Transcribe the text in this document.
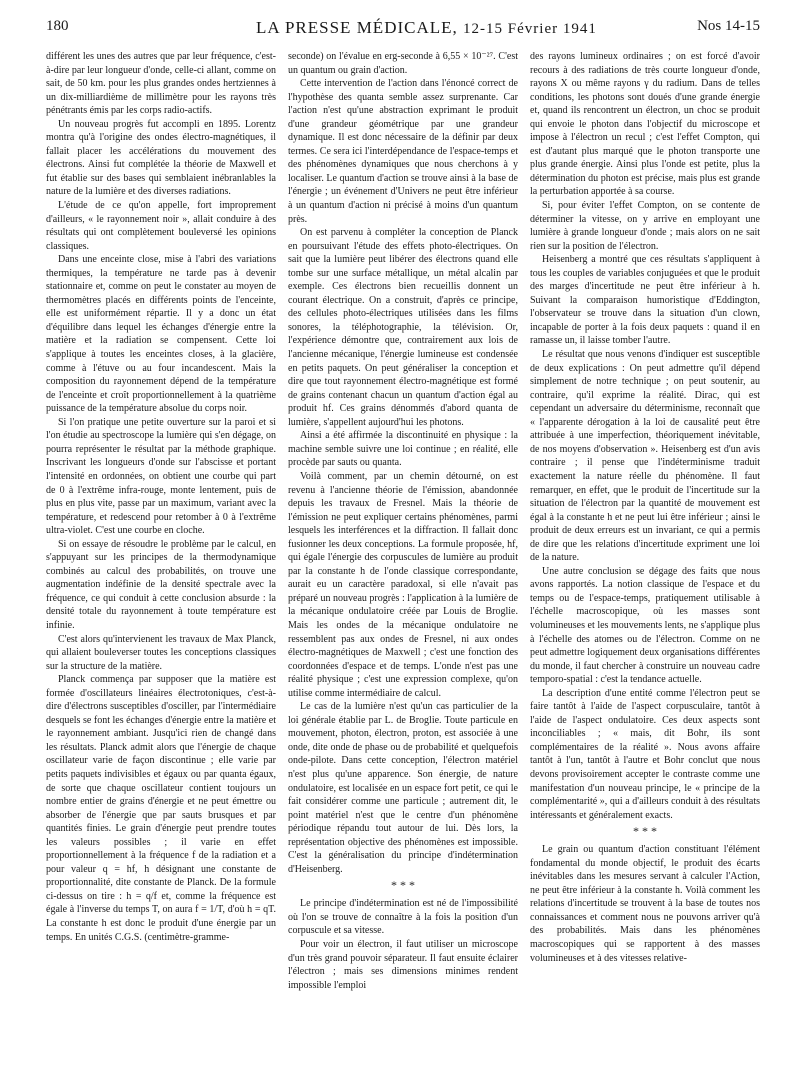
180	LA PRESSE MÉDICALE, 12-15 Février 1941	Nos 14-15

différent les unes des autres que par leur fréquence, c'est-à-dire par leur longueur d'onde, celle-ci allant, comme on sait, de 50 km. pour les plus grandes ondes hertziennes à un dix-milliardième de millimètre pour les rayons très pénétrants émis par les corps radio-actifs.

Un nouveau progrès fut accompli en 1895. Lorentz montra qu'à l'origine des ondes électro-magnétiques, il fallait placer les accélérations du mouvement des électrons. Ainsi fut complétée la théorie de Maxwell et fut établie sur des bases qui semblaient inébranlables la nature de la lumière et des diverses radiations.

L'étude de ce qu'on appelle, fort improprement d'ailleurs, « le rayonnement noir », allait conduire à des résultats qui ont complètement bouleversé les opinions classiques.

Dans une enceinte close, mise à l'abri des variations thermiques, la température ne tarde pas à devenir stationnaire et, comme on peut le constater au moyen de thermomètres placés en différents points de l'enceinte, elle est uniformément répartie. Il y a donc un état d'équilibre dans lequel les échanges d'énergie entre la matière et la radiation se compensent. Cette loi s'applique à toutes les enceintes closes, à la glacière, comme à l'étuve ou au four incandescent. Mais la composition du rayonnement dépend de la température de l'enceinte et croît proportionnellement à la quatrième puissance de la température absolue du corps noir.

Si l'on pratique une petite ouverture sur la paroi et si l'on étudie au spectroscope la lumière qui s'en dégage, on pourra représenter le résultat par la méthode graphique. Inscrivant les longueurs d'onde sur l'abscisse et portant l'intensité en ordonnées, on obtient une courbe qui part de 0 à l'extrême infra-rouge, monte lentement, puis de plus en plus vite, passe par un maximum, variant avec la température, et redescend pour retomber à 0 à l'extrême ultra-violet. C'est une courbe en cloche.

Si on essaye de résoudre le problème par le calcul, en s'appuyant sur les principes de la thermodynamique combinés au calcul des probabilités, on trouve une augmentation indéfinie de la densité spectrale avec la fréquence, ce qui conduit à cette conclusion absurde : la densité totale du rayonnement à toute température est infinie.

C'est alors qu'intervienent les travaux de Max Planck, qui allaient bouleverser toutes les conceptions classiques sur la structure de la matière.

Planck commença par supposer que la matière est formée d'oscillateurs linéaires électrotoniques, c'est-à-dire d'électrons susceptibles d'osciller, par l'intermédiaire desquels se font les échanges d'énergie entre la matière et le rayonnement ambiant. Jusqu'ici rien de changé dans les résultats. Planck admit alors que l'énergie de chaque oscillateur varie de façon discontinue ; elle varie par petits paquets indivisibles et égaux ou par quanta égaux, de sorte que chaque oscillateur contient toujours un nombre entier de grains d'énergie et ne peut émettre ou absorber de l'énergie que par sauts brusques et par quantités finies. Le grain d'énergie peut prendre toutes les valeurs possibles ; il varie en effet proportionnellement à la fréquence f de la radiation et a pour valeur q = hf, h désignant une constante de proportionnalité, dite constante de Planck. De la formule ci-dessus on tire : h = q/f et, comme la fréquence est égale à l'inverse du temps T, on aura f = 1/T, d'où h = qT. La constante h est donc le produit d'une énergie par un temps. En unités C.G.S. (centimètre-gramme-

seconde) on l'évalue en erg-seconde à 6,55 × 10⁻²⁷. C'est un quantum ou grain d'action.

Cette intervention de l'action dans l'énoncé correct de l'hypothèse des quanta semble assez surprenante. Car l'action n'est qu'une abstraction exprimant le produit d'une grandeur géométrique par une grandeur dynamique. Il est donc nécessaire de la définir par deux termes. Ce sera ici l'interdépendance de l'espace-temps et des phénomènes dynamiques que nous cherchons à y localiser. Le quantum d'action se trouve ainsi à la base de l'énergie ; un événement d'Univers ne peut être inférieur à un quantum d'action ni précisé à moins d'un quantum près.

On est parvenu à compléter la conception de Planck en poursuivant l'étude des effets photo-électriques. On sait que la lumière peut libérer des électrons quand elle tombe sur une surface métallique, un métal alcalin par exemple. Ces électrons bien recueillis donnent un courant électrique. On a construit, d'après ce principe, des cellules photo-électriques utilisées dans les films sonores, la téléphotographie, la télévision. Or, l'expérience démontre que, contrairement aux lois de l'ancienne mécanique, l'énergie lumineuse est condensée en petits paquets. On peut généraliser la conception et dire que tout rayonnement électro-magnétique est formé de grains contenant chacun un quantum d'action égal au produit hf. Ces grains dénommés d'abord quanta de lumière, s'appellent aujourd'hui les photons.

Ainsi a été affirmée la discontinuité en physique : la machine semble suivre une loi continue ; en réalité, elle procède par sauts ou quanta.

Voilà comment, par un chemin détourné, on est revenu à l'ancienne théorie de l'émission, abandonnée depuis les travaux de Fresnel. Mais la théorie de l'émission ne peut expliquer certains phénomènes, parmi lesquels les interférences et la diffraction. Il fallait donc fusionner les deux conceptions. La formule proposée, hf, qui égale l'énergie des corpuscules de lumière au produit par la constante h de l'onde classique correspondante, aurait eu un caractère paradoxal, si elle n'avait pas préparé un nouveau progrès : l'application à la lumière de la mécanique ondulatoire créée par Louis de Broglie. Mais les ondes de la mécanique ondulatoire ne ressemblent pas aux ondes de Fresnel, ni aux ondes électro-magnétiques de Maxwell ; c'est une fonction des coordonnées d'espace et de temps. L'onde n'est pas une réalité physique ; c'est une expression complexe, qu'on utilise comme intermédiaire de calcul.

Le cas de la lumière n'est qu'un cas particulier de la loi générale établie par L. de Broglie. Toute particule en mouvement, photon, électron, proton, est associée à une onde, dite onde de phase ou de probabilité et quelquefois onde-pilote. Dans cette conception, l'électron matériel n'est plus qu'une apparence. Son énergie, de nature ondulatoire, est localisée en un espace fort petit, ce qui le fait considérer comme une particule ; autrement dit, le point matériel n'est que le centre d'un phénomène périodique répandu tout autour de lui. Dès lors, la représentation objective des phénomènes est impossible. C'est la généralisation du principe d'indétermination d'Heisenberg.

* * *

Le principe d'indétermination est né de l'impossibilité où l'on se trouve de connaître à la fois la position d'un corpuscule et sa vitesse.

Pour voir un électron, il faut utiliser un microscope d'un très grand pouvoir séparateur. Il faut ensuite éclairer l'électron ; mais ses dimensions minimes rendent impossible l'emploi

des rayons lumineux ordinaires ; on est forcé d'avoir recours à des radiations de très courte longueur d'onde, rayons X ou même rayons γ du radium. Dans de telles conditions, les photons sont doués d'une grande énergie et, quand ils rencontrent un électron, un choc se produit qui envoie le photon dans l'objectif du microscope et impose à l'électron un recul ; c'est l'effet Compton, qui est d'autant plus marqué que le photon transporte une plus grande énergie. Ainsi plus l'onde est petite, plus la détermination du photon est précise, mais plus est grande la perturbation apportée à sa course.

Si, pour éviter l'effet Compton, on se contente de déterminer la vitesse, on y arrive en employant une lumière à grande longueur d'onde ; mais alors on ne sait rien sur la position de l'électron.

Heisenberg a montré que ces résultats s'appliquent à tous les couples de variables conjuguées et que le produit des marges d'incertitude ne peut être inférieur à h. Suivant la comparaison humoristique d'Eddington, l'observateur se trouve dans la situation d'un clown, incapable de porter à la fois deux paquets : quand il en ramasse un, il laisse tomber l'autre.

Le résultat que nous venons d'indiquer est susceptible de deux explications : On peut admettre qu'il dépend simplement de notre technique ; on peut soutenir, au contraire, qu'il exprime la réalité. Dirac, qui est cependant un adversaire du déterminisme, reconnaît que « l'apparente dérogation à la loi de causalité peut être attribuée à une imperfection, théoriquement inévitable, de nos moyens d'observation ». Heisenberg est d'un avis contraire ; il pense que l'indéterminisme traduit exactement la nature réelle du phénomène. Il faut remarquer, en effet, que le produit de l'incertitude sur la situation de l'électron par la quantité de mouvement est égal à la constante h et ne peut lui être inférieur ; ainsi le produit de deux erreurs est un invariant, ce qui a permis de dire que les relations d'incertitude expriment une loi de la nature.

Une autre conclusion se dégage des faits que nous avons rapportés. La notion classique de l'espace et du temps ou de l'espace-temps, pratiquement utilisable à l'échelle macroscopique, où les masses sont volumineuses et les mouvements lents, ne s'applique plus à l'échelle des atomes ou de l'électron. Comme on ne peut admettre logiquement deux organisations différentes du monde, il faut chercher à construire un nouveau cadre temporo-spatial : c'est la tendance actuelle.

La description d'une entité comme l'électron peut se faire tantôt à l'aide de l'aspect corpusculaire, tantôt à l'aide de l'aspect ondulatoire. Ces deux aspects sont inconciliables ; « mais, dit Bohr, ils sont complémentaires de la réalité ». Nous avons affaire tantôt à l'un, tantôt à l'autre et Bohr conclut que nous devons provisoirement accepter le contraste comme une manifestation d'un nouveau principe, le « principe de la complémentarité », qui a d'ailleurs conduit à des résultats intéressants et généralement exacts.

* * *

Le grain ou quantum d'action constituant l'élément fondamental du monde objectif, le produit des écarts inévitables dans les mesures servant à calculer l'Action, ne peut être inférieur à la constante h. Voilà comment les relations d'incertitude se trouvent à la base de toutes nos connaissances et comment nous ne pouvons arriver qu'à des probabilités. Mais dans les phénomènes macroscopiques qui se rapportent à des masses volumineuses et à des vitesses relative-
